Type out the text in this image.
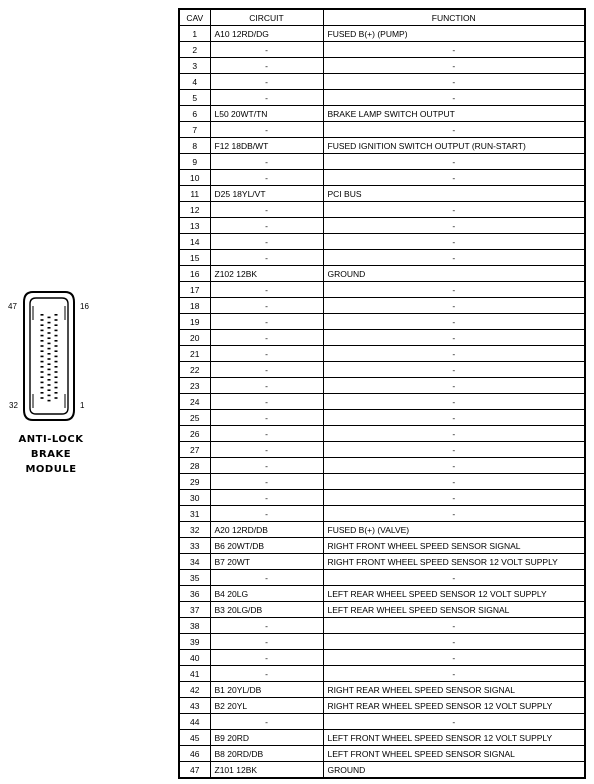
47	16
32	1
ANTI-LOCK
BRAKE
MODULE
CAV	CIRCUIT	FUNCTION
1	A10 12RD/DG	FUSED B(+) (PUMP)
2	-	-
3	-	-
4	-	-
5	-	-
6	L50 20WT/TN	BRAKE LAMP SWITCH OUTPUT
7	-	-
8	F12 18DB/WT	FUSED IGNITION SWITCH OUTPUT (RUN-START)
9	-	-
10	-	-
11	D25 18YL/VT	PCI BUS
12	-	-
13	-	-
14	-	-
15	-	-
16	Z102 12BK	GROUND
17	-	-
18	-	-
19	-	-
20	-	-
21	-	-
22	-	-
23	-	-
24	-	-
25	-	-
26	-	-
27	-	-
28	-	-
29	-	-
30	-	-
31	-	-
32	A20 12RD/DB	FUSED B(+) (VALVE)
33	B6 20WT/DB	RIGHT FRONT WHEEL SPEED SENSOR SIGNAL
34	B7 20WT	RIGHT FRONT WHEEL SPEED SENSOR 12 VOLT SUPPLY
35	-	-
36	B4 20LG	LEFT REAR WHEEL SPEED SENSOR 12 VOLT SUPPLY
37	B3 20LG/DB	LEFT REAR WHEEL SPEED SENSOR SIGNAL
38	-	-
39	-	-
40	-	-
41	-	-
42	B1 20YL/DB	RIGHT REAR WHEEL SPEED SENSOR SIGNAL
43	B2 20YL	RIGHT REAR WHEEL SPEED SENSOR 12 VOLT SUPPLY
44	-	-
45	B9 20RD	LEFT FRONT WHEEL SPEED SENSOR 12 VOLT SUPPLY
46	B8 20RD/DB	LEFT FRONT WHEEL SPEED SENSOR SIGNAL
47	Z101 12BK	GROUND
